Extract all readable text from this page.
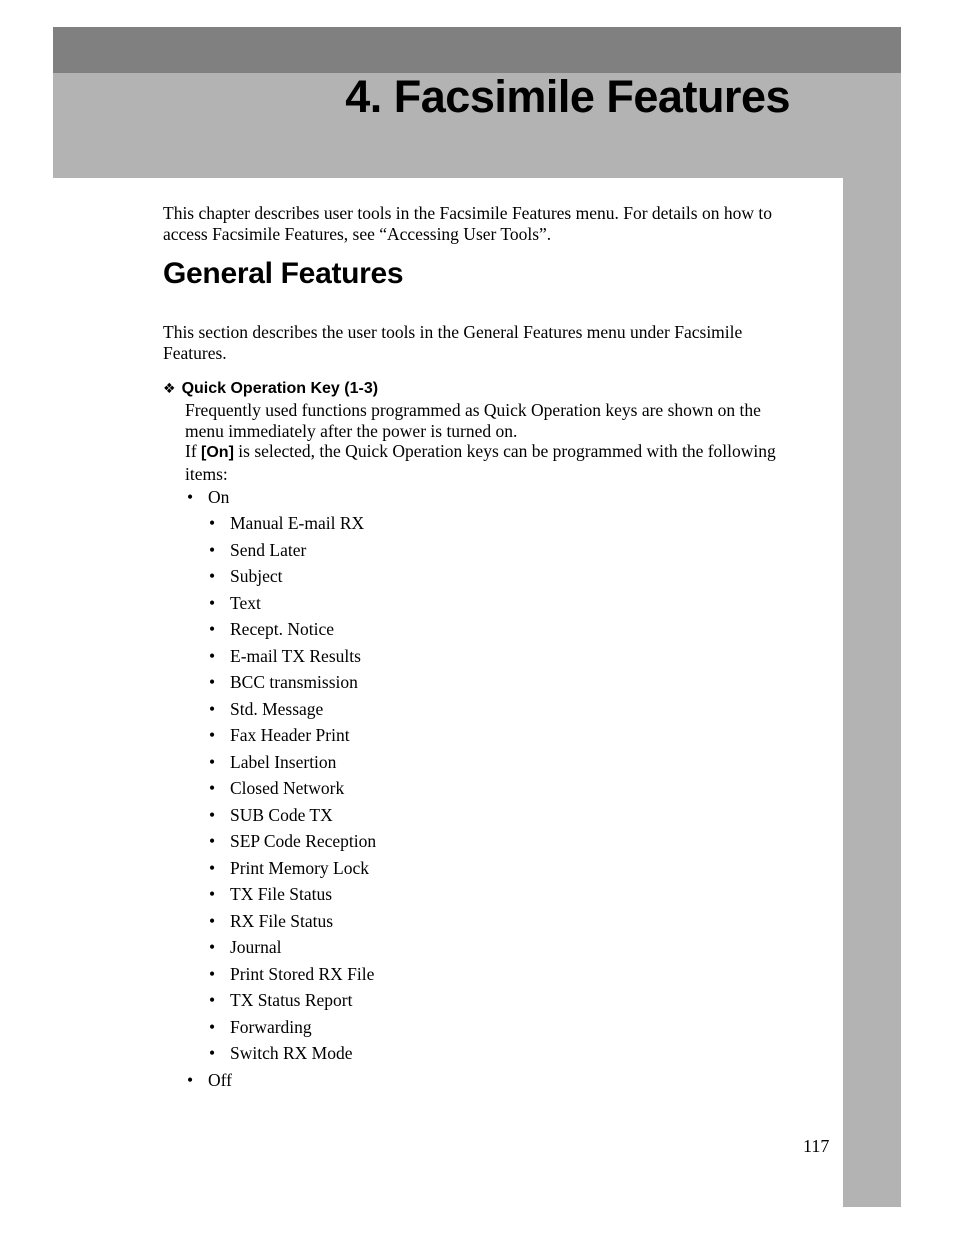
4. Facsimile Features

This chapter describes user tools in the Facsimile Features menu. For details on how to access Facsimile Features, see “Accessing User Tools”.

General Features

This section describes the user tools in the General Features menu under Facsimile Features.

❖ Quick Operation Key (1-3)
Frequently used functions programmed as Quick Operation keys are shown on the menu immediately after the power is turned on.
If [On] is selected, the Quick Operation keys can be programmed with the following items:
• On
• Manual E-mail RX
• Send Later
• Subject
• Text
• Recept. Notice
• E-mail TX Results
• BCC transmission
• Std. Message
• Fax Header Print
• Label Insertion
• Closed Network
• SUB Code TX
• SEP Code Reception
• Print Memory Lock
• TX File Status
• RX File Status
• Journal
• Print Stored RX File
• TX Status Report
• Forwarding
• Switch RX Mode
• Off
117
